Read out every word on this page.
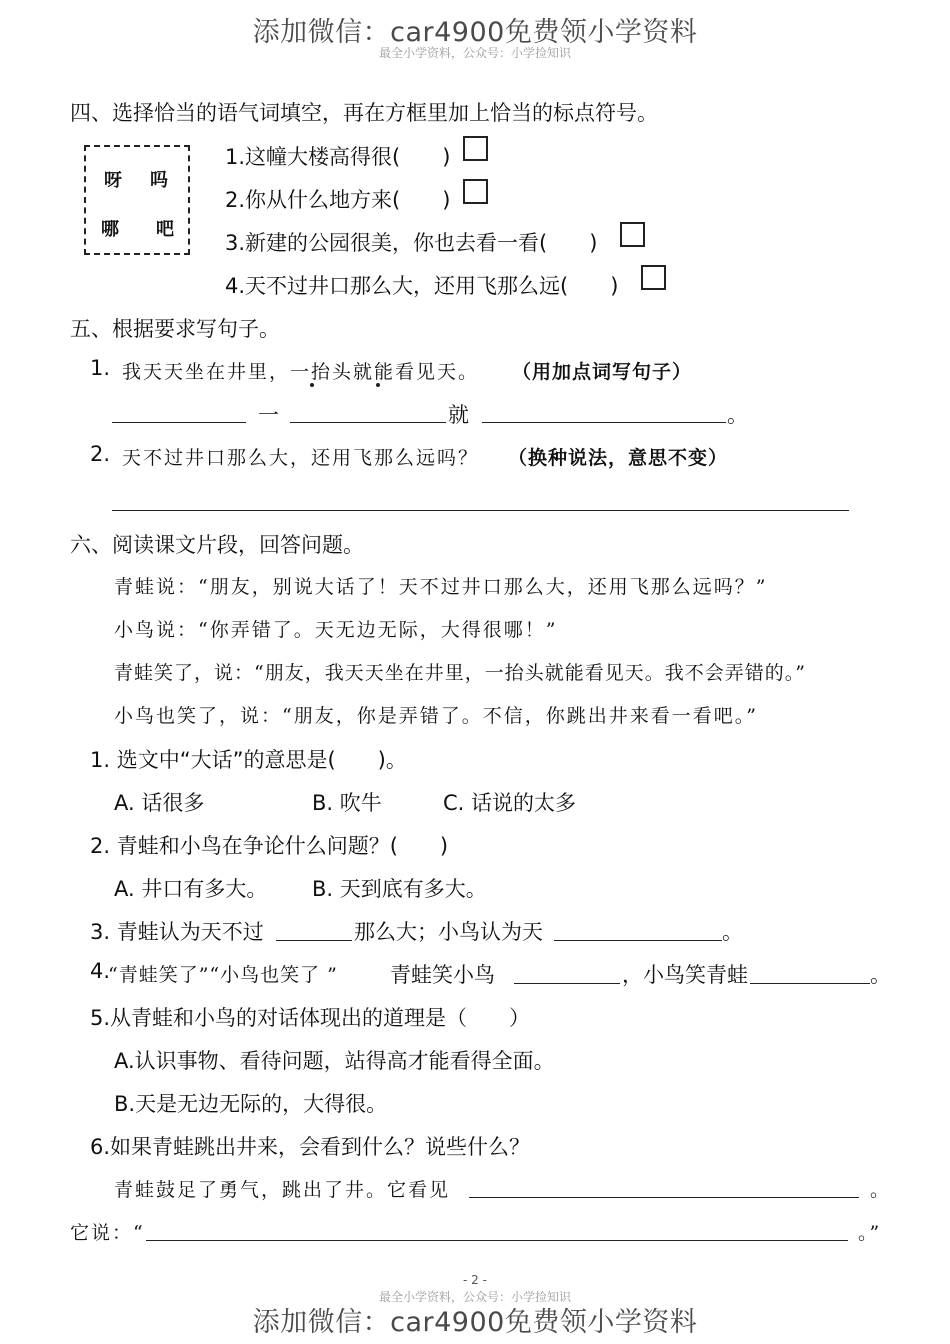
添加微信：car4900免费领小学资料
最全小学资料，公众号：小学捡知识
四、选择恰当的语气词填空，再在方框里加上恰当的标点符号。
呀 吗
哪 吧
1.这幢大楼高得很(　　)
2.你从什么地方来(　　)
3.新建的公园很美，你也去看一看(　　)
4.天不过井口那么大，还用飞那么远(　　)
五、根据要求写句子。
1. 我天天坐在井里，一抬头就能看见天。 （用加点词写句子）
一	就	。
2. 天不过井口那么大，还用飞那么远吗？ （换种说法，意思不变）
六、阅读课文片段，回答问题。
青蛙说：“朋友，别说大话了！天不过井口那么大，还用飞那么远吗？”
小鸟说：“你弄错了。天无边无际，大得很哪！”
青蛙笑了，说：“朋友，我天天坐在井里，一抬头就能看见天。我不会弄错的。”
小鸟也笑了，说：“朋友，你是弄错了。不信，你跳出井来看一看吧。”
1. 选文中“大话”的意思是(　　)。
A. 话很多	B. 吹牛	C. 话说的太多
2. 青蛙和小鸟在争论什么问题？(　　)
A. 井口有多大。 B. 天到底有多大。
3. 青蛙认为天不过	那么大；小鸟认为天	。
4.
“青蛙笑了”“小鸟也笑了 ” 青蛙笑小鸟	，小鸟笑青蛙	。
5.从青蛙和小鸟的对话体现出的道理是（　　）
A.认识事物、看待问题，站得高才能看得全面。
B.天是无边无际的，大得很。
6.如果青蛙跳出井来，会看到什么？说些什么？
青蛙鼓足了勇气，跳出了井。它看见	。
它说：“	。”
- 2 -
最全小学资料，公众号：小学捡知识
添加微信：car4900免费领小学资料
